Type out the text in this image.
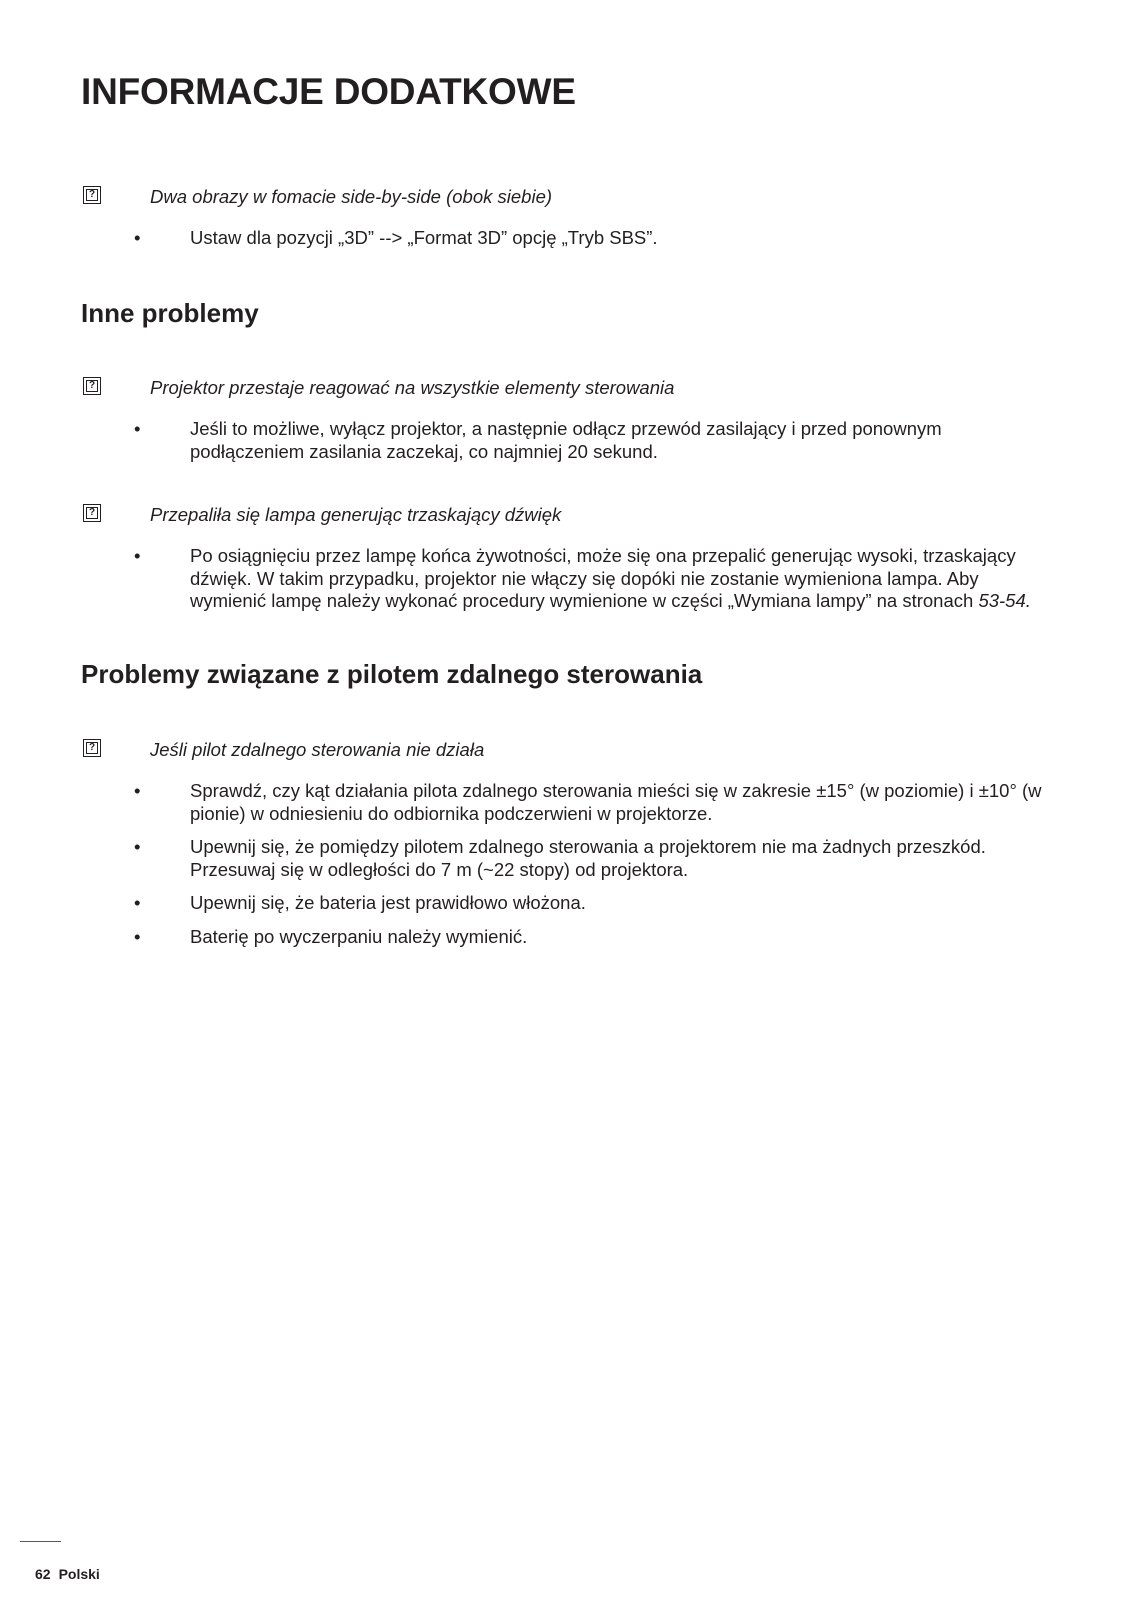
INFORMACJE DODATKOWE
?	Dwa obrazy w fomacie side-by-side (obok siebie)
•	Ustaw dla pozycji „3D” --> „Format 3D” opcję „Tryb SBS”.
Inne problemy
?	Projektor przestaje reagować na wszystkie elementy sterowania
•	Jeśli to możliwe, wyłącz projektor, a następnie odłącz przewód zasilający i przed ponownym podłączeniem zasilania zaczekaj, co najmniej 20 sekund.
?	Przepaliła się lampa generując trzaskający dźwięk
•	Po osiągnięciu przez lampę końca żywotności, może się ona przepalić generując wysoki, trzaskający dźwięk. W takim przypadku, projektor nie włączy się dopóki nie zostanie wymieniona lampa. Aby wymienić lampę należy wykonać procedury wymienione w części „Wymiana lampy” na stronach 53-54.
Problemy związane z pilotem zdalnego sterowania
?	Jeśli pilot zdalnego sterowania nie działa
•	Sprawdź, czy kąt działania pilota zdalnego sterowania mieści się w zakresie ±15° (w poziomie) i ±10° (w pionie) w odniesieniu do odbiornika podczerwieni w projektorze.
•	Upewnij się, że pomiędzy pilotem zdalnego sterowania a projektorem nie ma żadnych przeszkód. Przesuwaj się w odległości do 7 m (~22 stopy) od projektora.
•	Upewnij się, że bateria jest prawidłowo włożona.
•	Baterię po wyczerpaniu należy wymienić.
62 Polski
